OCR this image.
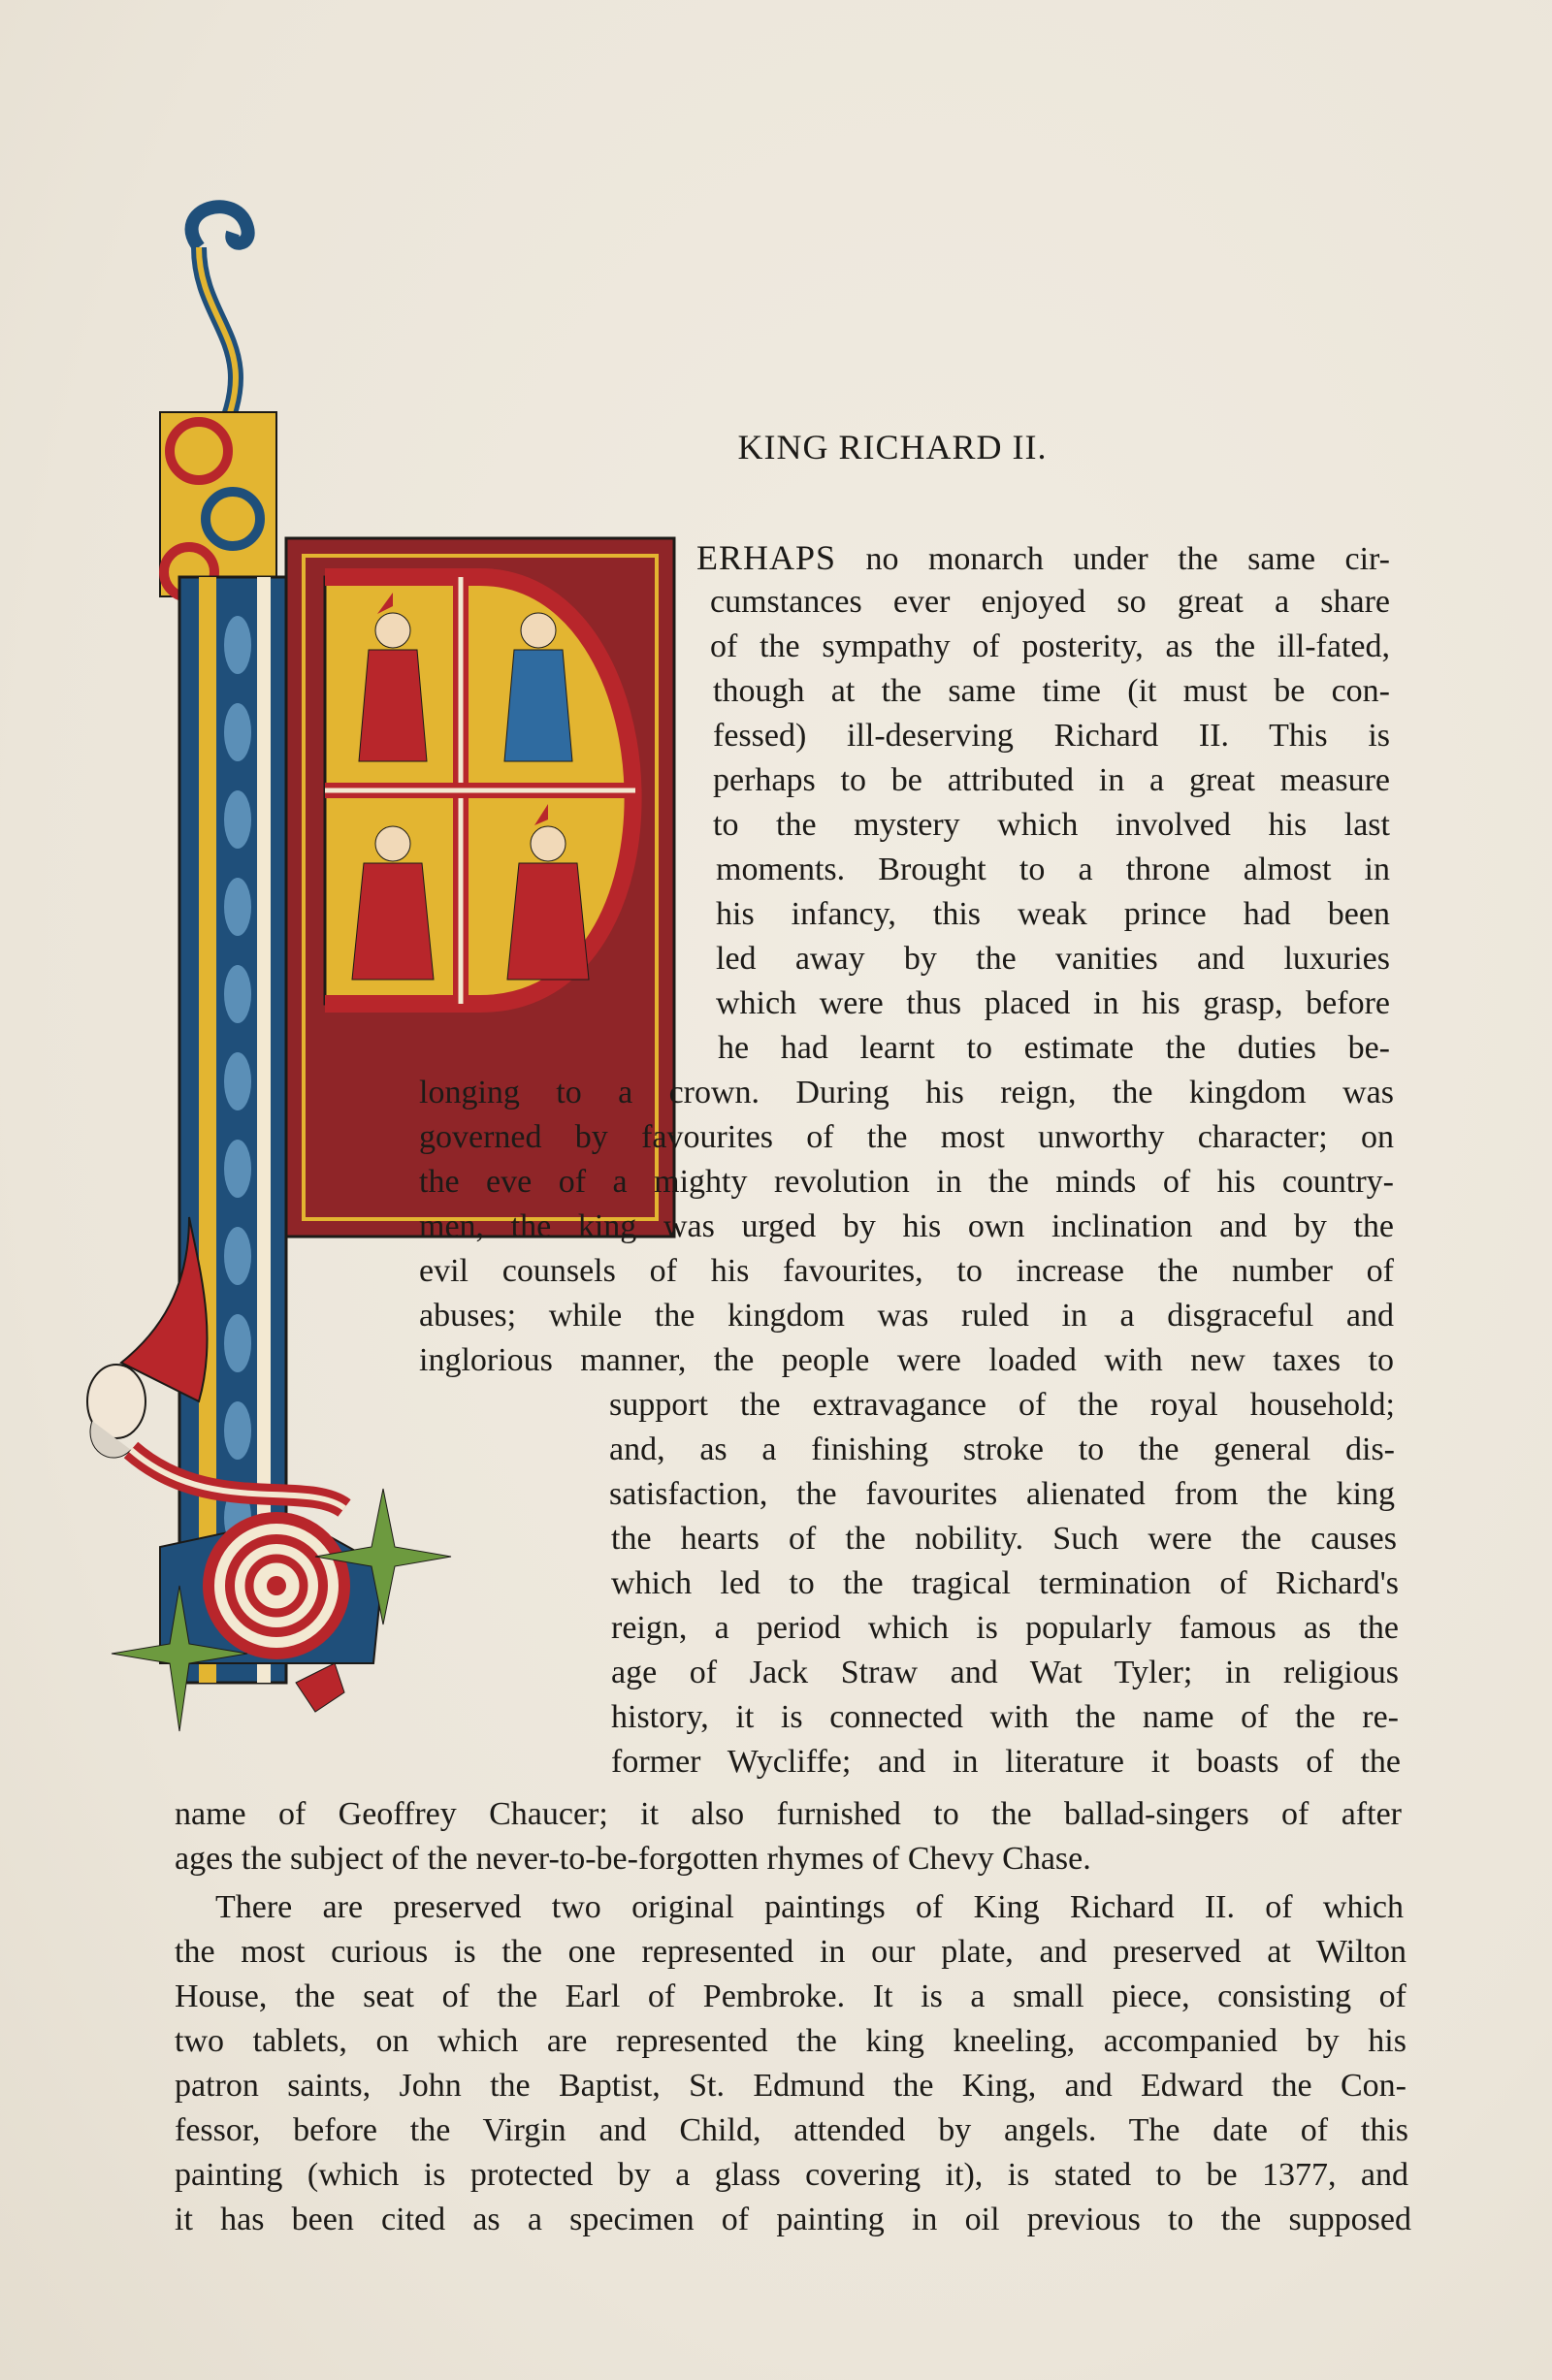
KING RICHARD II.
ERHAPS no monarch under the same cir-
cumstances ever enjoyed so great a share
of the sympathy of posterity, as the ill-fated,
though at the same time (it must be con-
fessed) ill-deserving Richard II. This is
perhaps to be attributed in a great measure
to the mystery which involved his last
moments. Brought to a throne almost in
his infancy, this weak prince had been
led away by the vanities and luxuries
which were thus placed in his grasp, before
he had learnt to estimate the duties be-
longing to a crown. During his reign, the kingdom was
governed by favourites of the most unworthy character; on
the eve of a mighty revolution in the minds of his country-
men, the king was urged by his own inclination and by the
evil counsels of his favourites, to increase the number of
abuses; while the kingdom was ruled in a disgraceful and
inglorious manner, the people were loaded with new taxes to
support the extravagance of the royal household;
and, as a finishing stroke to the general dis-
satisfaction, the favourites alienated from the king
the hearts of the nobility. Such were the causes
which led to the tragical termination of Richard's
reign, a period which is popularly famous as the
age of Jack Straw and Wat Tyler; in religious
history, it is connected with the name of the re-
former Wycliffe; and in literature it boasts of the
name of Geoffrey Chaucer; it also furnished to the ballad-singers of after
ages the subject of the never-to-be-forgotten rhymes of Chevy Chase.
There are preserved two original paintings of King Richard II. of which
the most curious is the one represented in our plate, and preserved at Wilton
House, the seat of the Earl of Pembroke. It is a small piece, consisting of
two tablets, on which are represented the king kneeling, accompanied by his
patron saints, John the Baptist, St. Edmund the King, and Edward the Con-
fessor, before the Virgin and Child, attended by angels. The date of this
painting (which is protected by a glass covering it), is stated to be 1377, and
it has been cited as a specimen of painting in oil previous to the supposed
